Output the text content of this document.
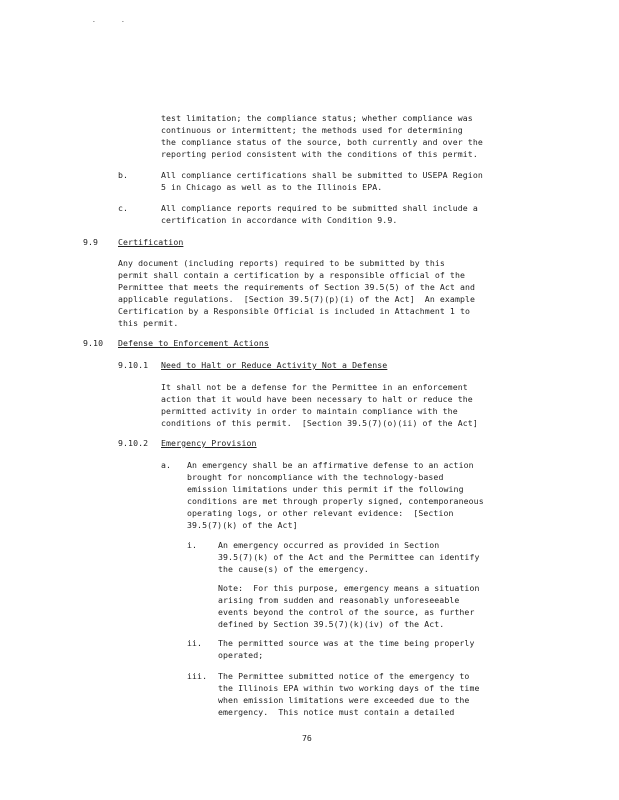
-	-
test limitation; the compliance status; whether compliance was
continuous or intermittent; the methods used for determining
the compliance status of the source, both currently and over the
reporting period consistent with the conditions of this permit.
b.	All compliance certifications shall be submitted to USEPA Region
5 in Chicago as well as to the Illinois EPA.
c.	All compliance reports required to be submitted shall include a
certification in accordance with Condition 9.9.
9.9 Certification
Any document (including reports) required to be submitted by this
permit shall contain a certification by a responsible official of the
Permittee that meets the requirements of Section 39.5(5) of the Act and
applicable regulations.  [Section 39.5(7)(p)(i) of the Act]  An example
Certification by a Responsible Official is included in Attachment 1 to
this permit.
9.10 Defense to Enforcement Actions
9.10.1 Need to Halt or Reduce Activity Not a Defense
It shall not be a defense for the Permittee in an enforcement
action that it would have been necessary to halt or reduce the
permitted activity in order to maintain compliance with the
conditions of this permit.  [Section 39.5(7)(o)(ii) of the Act]
9.10.2 Emergency Provision
a. An emergency shall be an affirmative defense to an action
brought for noncompliance with the technology-based
emission limitations under this permit if the following
conditions are met through properly signed, contemporaneous
operating logs, or other relevant evidence:  [Section
39.5(7)(k) of the Act]
i.	An emergency occurred as provided in Section
39.5(7)(k) of the Act and the Permittee can identify
the cause(s) of the emergency.
Note:  For this purpose, emergency means a situation
arising from sudden and reasonably unforeseeable
events beyond the control of the source, as further
defined by Section 39.5(7)(k)(iv) of the Act.
ii. The permitted source was at the time being properly
operated;
iii. The Permittee submitted notice of the emergency to
the Illinois EPA within two working days of the time
when emission limitations were exceeded due to the
emergency.  This notice must contain a detailed
76
